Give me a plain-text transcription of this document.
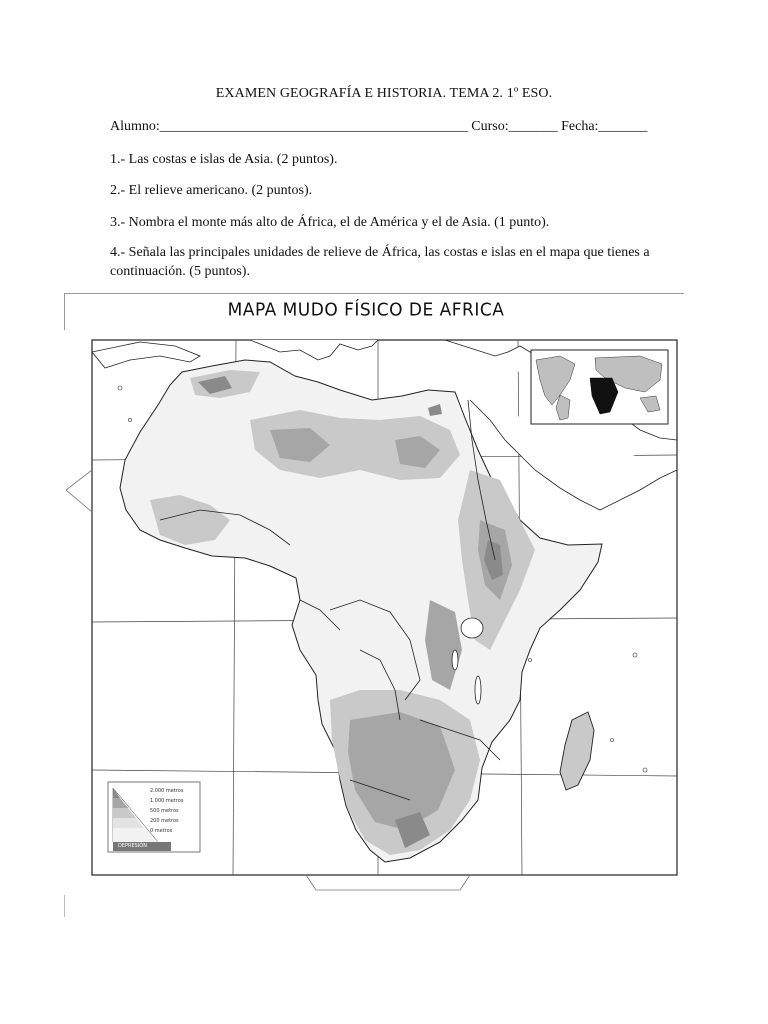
EXAMEN GEOGRAFÍA E HISTORIA. TEMA 2. 1º ESO.
Alumno:____________________________________________ Curso:_______ Fecha:_______
1.- Las costas e islas de Asia. (2 puntos).
2.- El relieve americano. (2 puntos).
3.- Nombra el monte más alto de África, el de América y el de Asia. (1 punto).
4.- Señala las principales unidades de relieve de África, las costas e islas en el mapa que tienes a continuación. (5 puntos).
MAPA MUDO FÍSICO DE AFRICA
2.000 metros
1.000 metros
500 metros
200 metros
0 metros
DEPRESIÓN
